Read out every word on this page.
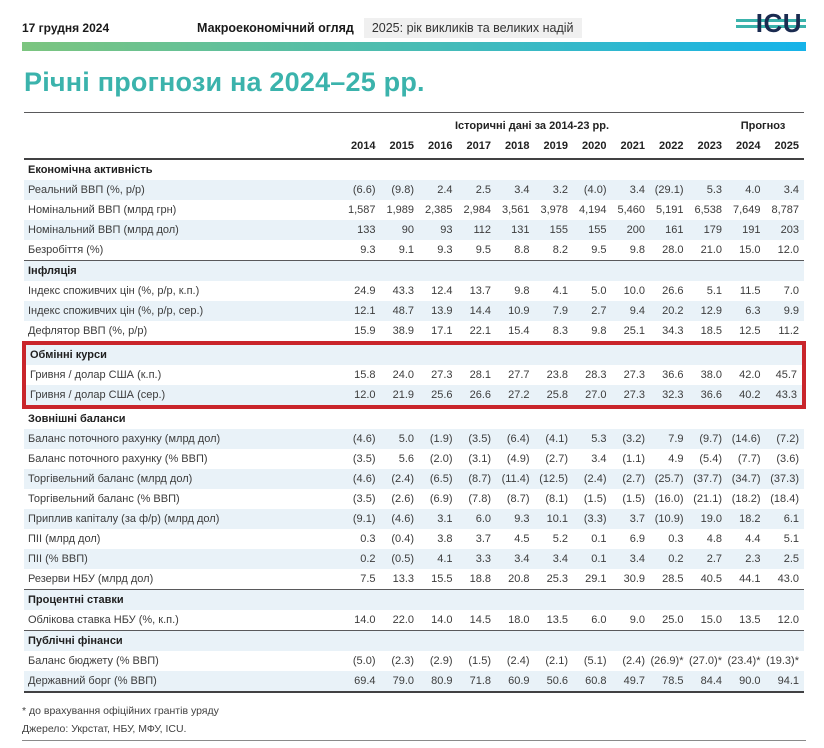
17 грудня 2024	Макроекономічний огляд	2025: рік викликів та великих надій	ICU
Річні прогнози на 2024–25 рр.
	Історичні дані за 2014-23 рр.										Прогноз	
	2014	2015	2016	2017	2018	2019	2020	2021	2022	2023	2024	2025
Економічна активність												
Реальний ВВП (%, р/р)	(6.6)	(9.8)	2.4	2.5	3.4	3.2	(4.0)	3.4	(29.1)	5.3	4.0	3.4
Номінальний ВВП (млрд грн)	1,587	1,989	2,385	2,984	3,561	3,978	4,194	5,460	5,191	6,538	7,649	8,787
Номінальний ВВП (млрд дол)	133	90	93	112	131	155	155	200	161	179	191	203
Безробіття (%)	9.3	9.1	9.3	9.5	8.8	8.2	9.5	9.8	28.0	21.0	15.0	12.0
Інфляція												
Індекс споживчих цін (%, р/р, к.п.)	24.9	43.3	12.4	13.7	9.8	4.1	5.0	10.0	26.6	5.1	11.5	7.0
Індекс споживчих цін (%, р/р, сер.)	12.1	48.7	13.9	14.4	10.9	7.9	2.7	9.4	20.2	12.9	6.3	9.9
Дефлятор ВВП (%, р/р)	15.9	38.9	17.1	22.1	15.4	8.3	9.8	25.1	34.3	18.5	12.5	11.2
Обмінні курси												
Гривня / долар США (к.п.)	15.8	24.0	27.3	28.1	27.7	23.8	28.3	27.3	36.6	38.0	42.0	45.7
Гривня / долар США (сер.)	12.0	21.9	25.6	26.6	27.2	25.8	27.0	27.3	32.3	36.6	40.2	43.3
Зовнішні баланси												
Баланс поточного рахунку (млрд дол)	(4.6)	5.0	(1.9)	(3.5)	(6.4)	(4.1)	5.3	(3.2)	7.9	(9.7)	(14.6)	(7.2)
Баланс поточного рахунку (% ВВП)	(3.5)	5.6	(2.0)	(3.1)	(4.9)	(2.7)	3.4	(1.1)	4.9	(5.4)	(7.7)	(3.6)
Торгівельний баланс (млрд дол)	(4.6)	(2.4)	(6.5)	(8.7)	(11.4)	(12.5)	(2.4)	(2.7)	(25.7)	(37.7)	(34.7)	(37.3)
Торгівельний баланс (% ВВП)	(3.5)	(2.6)	(6.9)	(7.8)	(8.7)	(8.1)	(1.5)	(1.5)	(16.0)	(21.1)	(18.2)	(18.4)
Приплив капіталу (за ф/р) (млрд дол)	(9.1)	(4.6)	3.1	6.0	9.3	10.1	(3.3)	3.7	(10.9)	19.0	18.2	6.1
ПІІ (млрд дол)	0.3	(0.4)	3.8	3.7	4.5	5.2	0.1	6.9	0.3	4.8	4.4	5.1
ПІІ (% ВВП)	0.2	(0.5)	4.1	3.3	3.4	3.4	0.1	3.4	0.2	2.7	2.3	2.5
Резерви НБУ (млрд дол)	7.5	13.3	15.5	18.8	20.8	25.3	29.1	30.9	28.5	40.5	44.1	43.0
Процентні ставки												
Облікова ставка НБУ (%, к.п.)	14.0	22.0	14.0	14.5	18.0	13.5	6.0	9.0	25.0	15.0	13.5	12.0
Публічні фінанси												
Баланс бюджету (% ВВП)	(5.0)	(2.3)	(2.9)	(1.5)	(2.4)	(2.1)	(5.1)	(2.4)	(26.9)*	(27.0)*	(23.4)*	(19.3)*
Державний борг (% ВВП)	69.4	79.0	80.9	71.8	60.9	50.6	60.8	49.7	78.5	84.4	90.0	94.1

* до врахування офіційних грантів уряду

Джерело: Укрстат, НБУ, МФУ, ICU.
